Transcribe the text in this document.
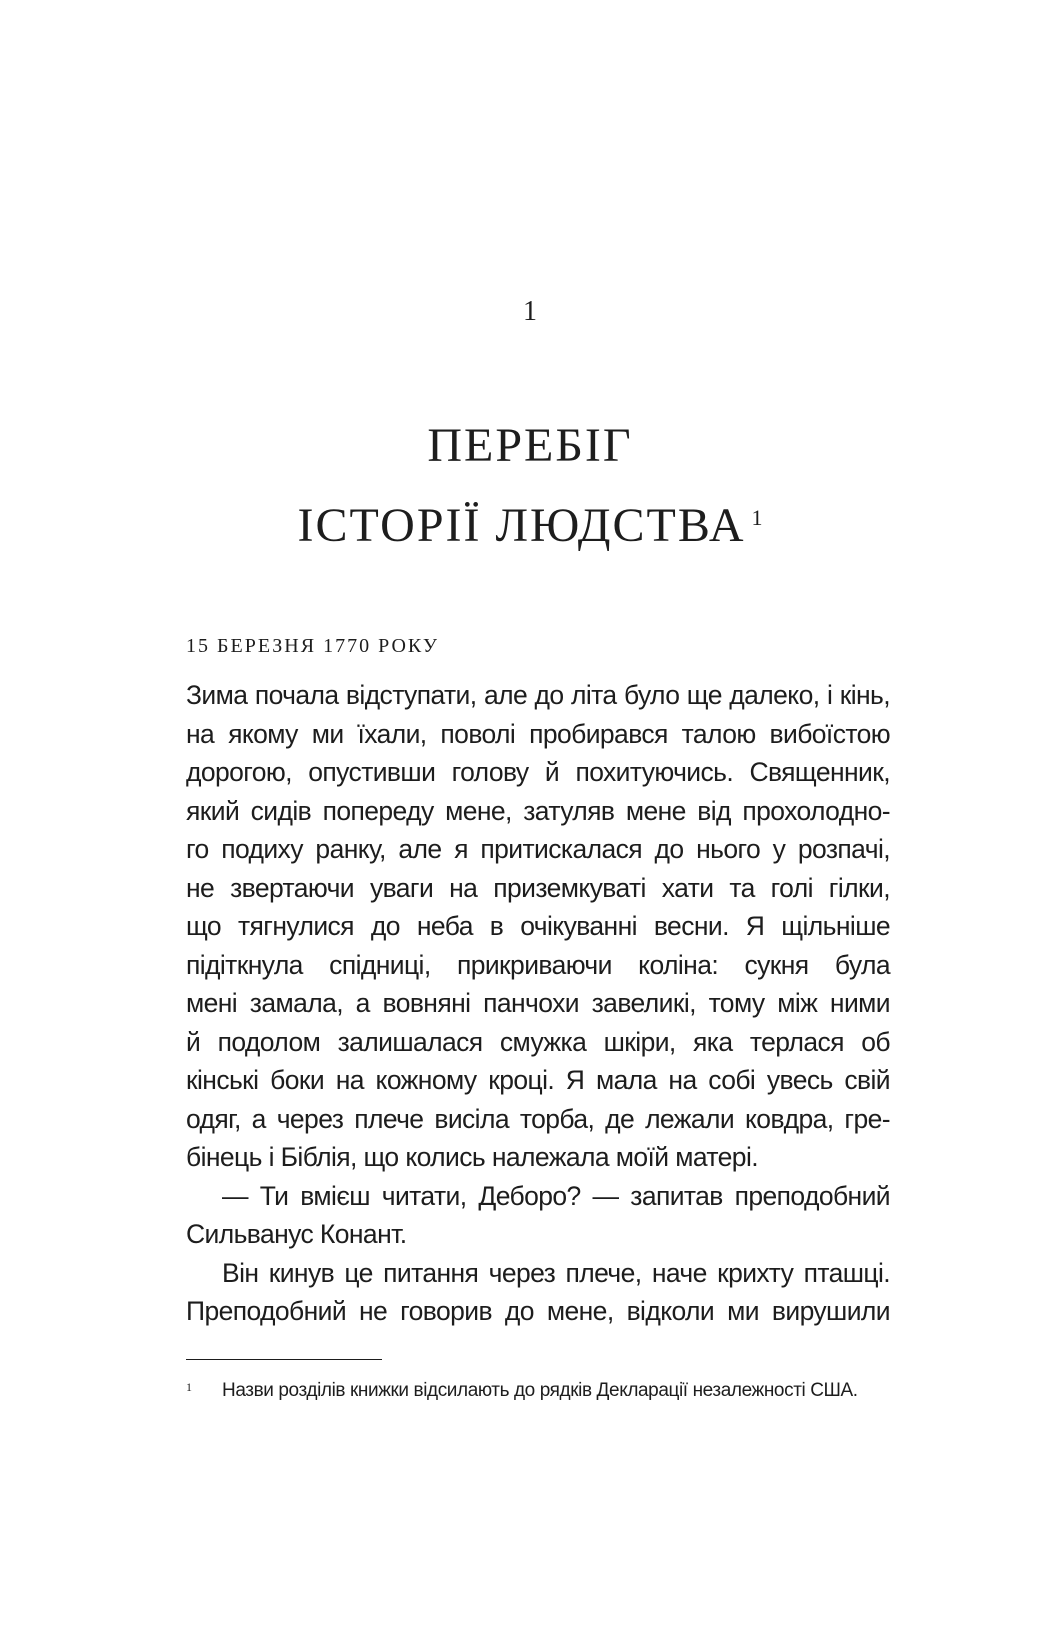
1
ПЕРЕБІГ
ІСТОРІЇ ЛЮДСТВА $^1$
15 БЕРЕЗНЯ 1770 РОКУ
Зима почала відступати, але до літа було ще далеко, і кінь,
на якому ми їхали, поволі пробирався талою вибоїстою
дорогою, опустивши голову й похитуючись. Священник,
який сидів попереду мене, затуляв мене від прохолодно-
го подиху ранку, але я притискалася до нього у розпачі,
не звертаючи уваги на приземкуваті хати та голі гілки,
що тягнулися до неба в очікуванні весни. Я щільніше
підіткнула спідниці, прикриваючи коліна: сукня була
мені замала, а вовняні панчохи завеликі, тому між ними
й подолом залишалася смужка шкіри, яка терлася об
кінські боки на кожному кроці. Я мала на собі увесь свій
одяг, а через плече висіла торба, де лежали ковдра, гре-
бінець і Біблія, що колись належала моїй матері.
— Ти вмієш читати, Деборо? — запитав преподобний
Сильванус Конант.
Він кинув це питання через плече, наче крихту пташці.
Преподобний не говорив до мене, відколи ми вирушили
1 Назви розділів книжки відсилають до рядків Декларації незалежності США.
